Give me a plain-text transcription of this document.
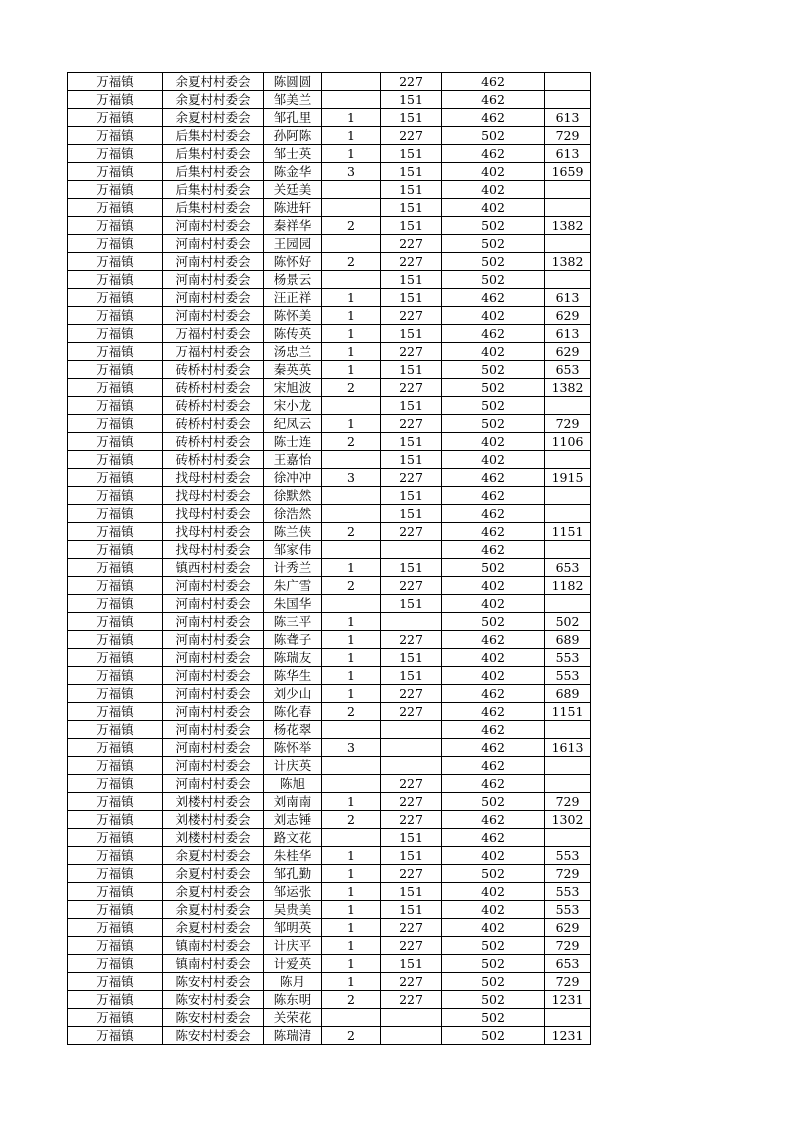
万福镇	余夏村村委会	陈圆圆		227	462	
万福镇	余夏村村委会	邹美兰		151	462	
万福镇	余夏村村委会	邹孔里	1	151	462	613
万福镇	后集村村委会	孙阿陈	1	227	502	729
万福镇	后集村村委会	邹士英	1	151	462	613
万福镇	后集村村委会	陈金华	3	151	402	1659
万福镇	后集村村委会	关廷美		151	402	
万福镇	后集村村委会	陈进轩		151	402	
万福镇	河南村村委会	秦祥华	2	151	502	1382
万福镇	河南村村委会	王园园		227	502	
万福镇	河南村村委会	陈怀好	2	227	502	1382
万福镇	河南村村委会	杨景云		151	502	
万福镇	河南村村委会	汪正祥	1	151	462	613
万福镇	河南村村委会	陈怀美	1	227	402	629
万福镇	万福村村委会	陈传英	1	151	462	613
万福镇	万福村村委会	汤忠兰	1	227	402	629
万福镇	砖桥村村委会	秦英英	1	151	502	653
万福镇	砖桥村村委会	宋旭波	2	227	502	1382
万福镇	砖桥村村委会	宋小龙		151	502	
万福镇	砖桥村村委会	纪凤云	1	227	502	729
万福镇	砖桥村村委会	陈士连	2	151	402	1106
万福镇	砖桥村村委会	王嘉怡		151	402	
万福镇	找母村村委会	徐冲冲	3	227	462	1915
万福镇	找母村村委会	徐默然		151	462	
万福镇	找母村村委会	徐浩然		151	462	
万福镇	找母村村委会	陈兰侠	2	227	462	1151
万福镇	找母村村委会	邹家伟			462	
万福镇	镇西村村委会	计秀兰	1	151	502	653
万福镇	河南村村委会	朱广雪	2	227	402	1182
万福镇	河南村村委会	朱国华		151	402	
万福镇	河南村村委会	陈三平	1		502	502
万福镇	河南村村委会	陈聋子	1	227	462	689
万福镇	河南村村委会	陈瑞友	1	151	402	553
万福镇	河南村村委会	陈华生	1	151	402	553
万福镇	河南村村委会	刘少山	1	227	462	689
万福镇	河南村村委会	陈化春	2	227	462	1151
万福镇	河南村村委会	杨花翠			462	
万福镇	河南村村委会	陈怀举	3		462	1613
万福镇	河南村村委会	计庆英			462	
万福镇	河南村村委会	陈旭		227	462	
万福镇	刘楼村村委会	刘南南	1	227	502	729
万福镇	刘楼村村委会	刘志锤	2	227	462	1302
万福镇	刘楼村村委会	路文花		151	462	
万福镇	余夏村村委会	朱桂华	1	151	402	553
万福镇	余夏村村委会	邹孔勤	1	227	502	729
万福镇	余夏村村委会	邹运张	1	151	402	553
万福镇	余夏村村委会	吴贵美	1	151	402	553
万福镇	余夏村村委会	邹明英	1	227	402	629
万福镇	镇南村村委会	计庆平	1	227	502	729
万福镇	镇南村村委会	计爱英	1	151	502	653
万福镇	陈安村村委会	陈月	1	227	502	729
万福镇	陈安村村委会	陈东明	2	227	502	1231
万福镇	陈安村村委会	关荣花			502	
万福镇	陈安村村委会	陈瑞清	2		502	1231
